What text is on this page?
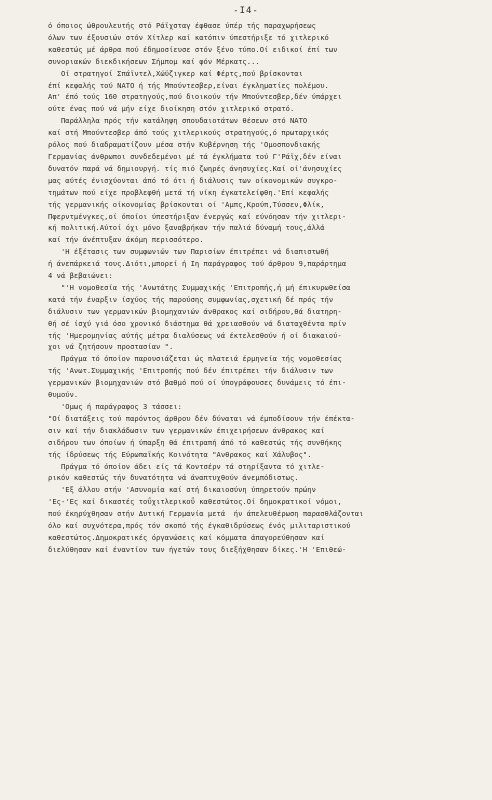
-I4-
ό όποιος ώθρουλευτής στό Ράϊχσταγ έφθασε ύπέρ τής παραχωρήσεως
όλων των έξουσιών στόν Χίτλερ καί κατόπιν ύπεστήριξε τό χιτλερικό
καθεστώς μέ άρθρα πού έδημοσίευσε στόν ξένο τύπο.Οί ειδικοί έπί των
συνοριακών διεκδικήσεων Σήμπομ καί φόν Μέρκατς...
Οί στρατηγοί Σπάϊντελ,Χώϋζιγκερ καί Φέρτς,πού βρίσκονται
έπί κεφαλής τού ΝΑΤΟ ή τής Μπούντεσβερ,είναι έγκληματίες πολέμου.
Απ' έπό τούς 160 στρατηγούς,πού διοικούν τήν Μπούντεσβερ,δέν ύπάρχει
ούτε ένας πού νά μήν είχε διοίκηση στόν χιτλερικό στρατό.
Παράλληλα πρός τήν κατάληψη σπουδαιοτάτων θέσεων στό ΝΑΤΟ
καί στή Μπούντεσβερ άπό τούς χιτλερικούς στρατηγούς,ό πρωταρχικός
ρόλος πού διαδραματίζουν μέσα στήν Κυβέρνηση τής 'Ομοσπονδιακής
Γερμανίας άνθρωποι συνδεδεμένοι μέ τά έγκλήματα τού Γ'Ράϊχ,δέν είναι
δυνατόν παρά νά δημιουργή. τίς πιό ζωηρές άνησυχίες.Καί οί'άνησυχίες
μας αύτές ένισχύονται άπό τό ότι ή διάλυσις των οίκονομικών συγκρο-
τημάτων πού είχε προβλεφθή μετά τή νίκη έγκατελείφθη.'Επί κεφαλής
τής γερμανικής οίκονομίας βρίσκονται οί 'Αμπς,Κρούπ,Τύσσεν,Φλίκ,
Πφερντμένγκες,οί όποίοι ύπεστήριξαν ένεργώς καί εύνόησαν τήν χιτλερι-
κή πολιτική.Αύτοί όχι μόνο ξαναβρήκαν τήν παλιά δύναμή τους,άλλά
καί τήν άνέπτυξαν άκόμη περισσότερο.
'Η έξέτασις των συμφωνιών των Παρισίων έπιτρέπει νά διαπιστωθή
ή άνεπάρκειά τους.Διότι,μπορεί ή Ιη παράγραφος τού άρθρου 9,παράρτημα
4 νά βεβαιώνει:
"'Η νομοθεσία τής 'Ανωτάτης Συμμαχικής 'Επιτροπής,ή μή έπικυρωθείσα
κατά τήν έναρξιν ίσχύος τής παρούσης συμφωνίας,σχετική δέ πρός τήν
διάλυσιν των γερμανικών βιομηχανιών άνθρακος καί σιδήρου,θά διατηρη-
θή σέ ίσχύ γιά όσο χρονικό διάστημα θά χρειασθούν νά διαταχθέντα πρίν
τής 'Ημερομηνίας αύτής μέτρα διαλύσεως νά έκτελεσθούν ή οί διακαιού-
χοι νά ζητήσουν προστασίαν ".
Πράγμα τό όποίον παρουσιάζεται ώς πλατειά έρμηνεία τής νομοθεσίας
τής 'Ανωτ.Συμμαχικής 'Επιτροπής πού δέν έπιτρέπει τήν διάλυσιν των
γερμανικών βιομηχανιών στό βαθμό πού οί ύπογράφουσες δυνάμεις τό έπι-
θυμούν.
'Ομως ή παράγραφος 3 τάσσει:
"Οί διατάξεις τού παρόντος άρθρου δέν δύναται νά έμποδίσουν τήν έπέκτα-
σιν καί τήν διακλάδωσιν των γερμανικών έπιχειρήσεων άνθρακος καί
σιδήρου των όποίων ή ύπαρξη θά έπιτραπή άπό τό καθεστώς τής συνθήκης
τής ίδρύσεως τής Εύρωπαϊκής Κοινότητα "Ανθρακος καί Χάλυβος".
Πράγμα τό όποίον άδει είς τά Κοντσέρν τά στηρίξαντα τό χιτλε-
ρικόν καθεστώς τήν δυνατότητα νά άναπτυχθούν άνεμπόδιστως.
'Εξ άλλου στήν 'Ασυνομία καί στή δικαιοσύνη ύπηρετούν πρώην
'Ες-'Ες καί δικαστές τοΰχιτλερικοΰ καθεστώτος.Οί δημοκρατικοί νόμοι,
πού έκηρύχθησαν στήν Δυτική Γερμανία μετά  ήν άπελευθέρωση παρασθλάζονται
όλο καί συχνότερα,πρός τόν σκοπό τής έγκαθιδρύσεως ένός μιλιταριστικού
καθεστώτος.Δημοκρατικές όργανώσεις καί κόμματα άπαγορεύθησαν καί
διελύθησαν καί έναντίον των ήγετών τους διεξήχθησαν δίκες.'Η 'Επιθεώ-
